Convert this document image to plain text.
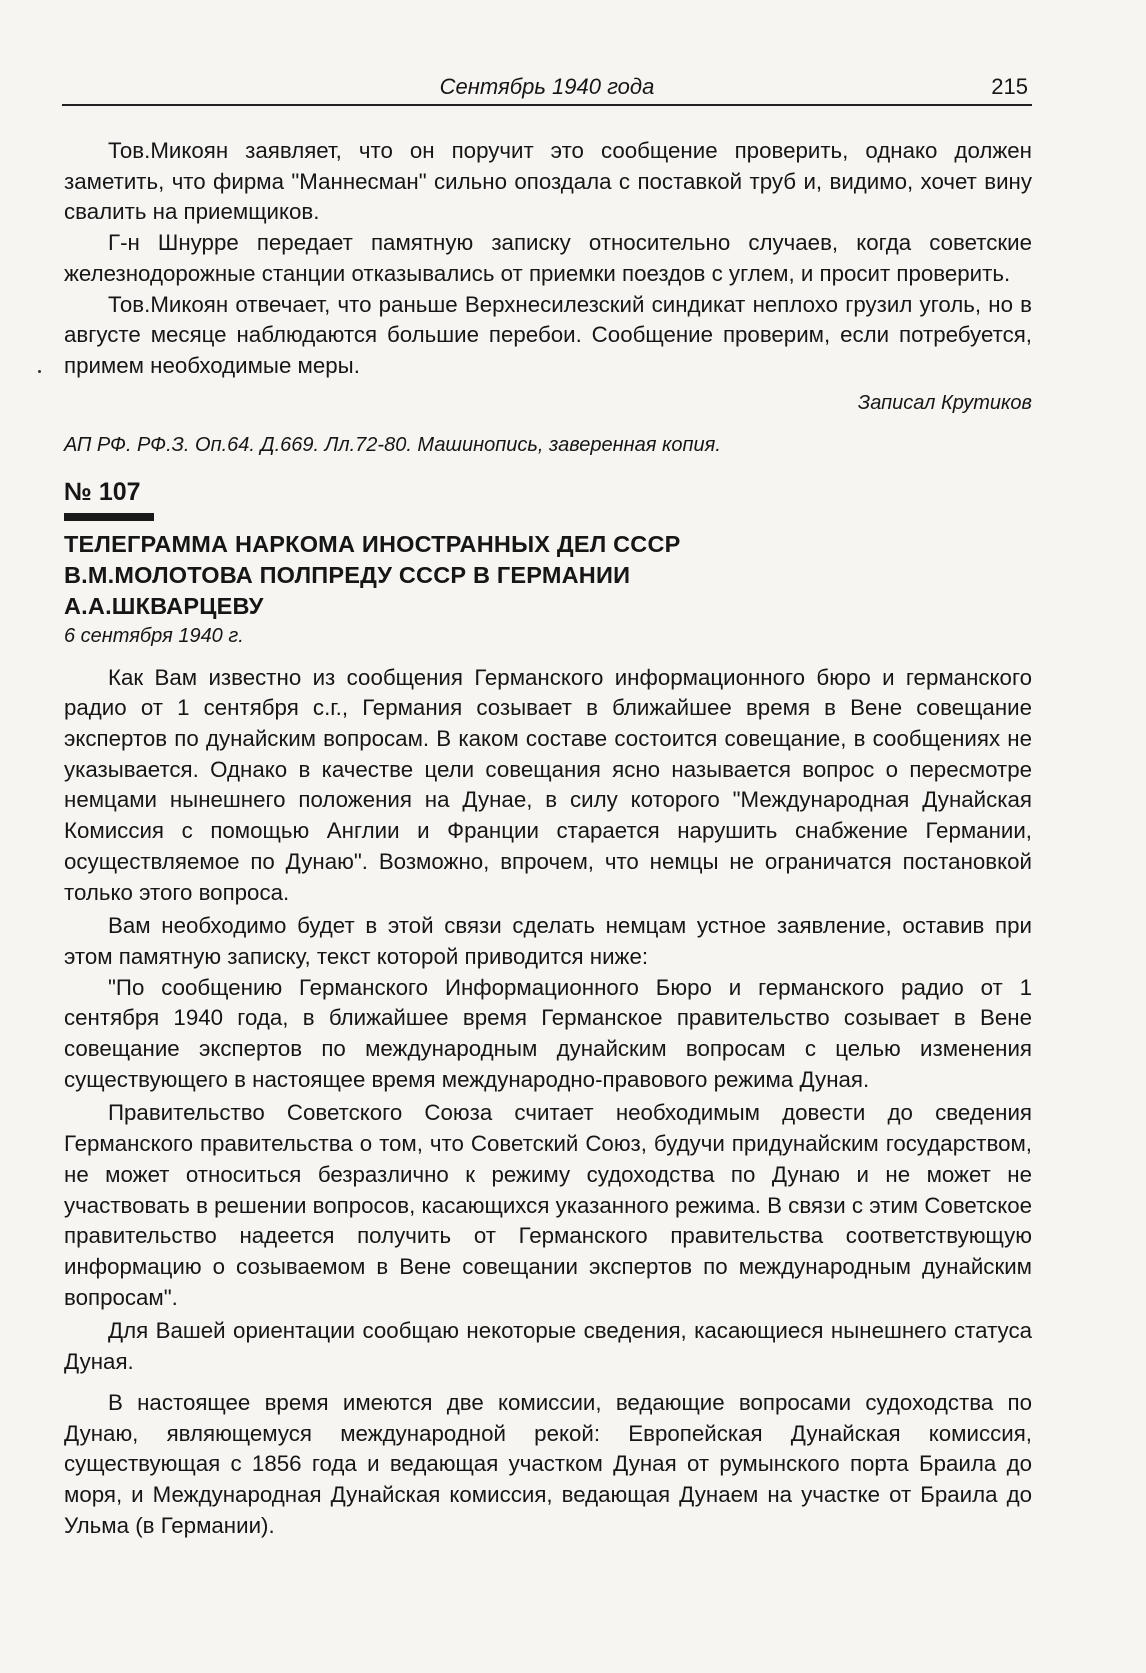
Сентябрь 1940 года	215

Тов.Микоян заявляет, что он поручит это сообщение проверить, однако должен заметить, что фирма "Маннесман" сильно опоздала с поставкой труб и, видимо, хочет вину свалить на приемщиков.

Г-н Шнурре передает памятную записку относительно случаев, когда советские железнодорожные станции отказывались от приемки поездов с углем, и просит проверить.

Тов.Микоян отвечает, что раньше Верхнесилезский синдикат неплохо грузил уголь, но в августе месяце наблюдаются большие перебои. Сообщение проверим, если потребуется, примем необходимые меры.

Записал Крутиков
АП РФ. РФ.З. Оп.64. Д.669. Лл.72-80. Машинопись, заверенная копия.
№ 107
ТЕЛЕГРАММА НАРКОМА ИНОСТРАННЫХ ДЕЛ СССР
В.М.МОЛОТОВА ПОЛПРЕДУ СССР В ГЕРМАНИИ
А.А.ШКВАРЦЕВУ
6 сентября 1940 г.

Как Вам известно из сообщения Германского информационного бюро и германского радио от 1 сентября с.г., Германия созывает в ближайшее время в Вене совещание экспертов по дунайским вопросам. В каком составе состоится совещание, в сообщениях не указывается. Однако в качестве цели совещания ясно называется вопрос о пересмотре немцами нынешнего положения на Дунае, в силу которого "Международная Дунайская Комиссия с помощью Англии и Франции старается нарушить снабжение Германии, осуществляемое по Дунаю". Возможно, впрочем, что немцы не ограничатся постановкой только этого вопроса.

Вам необходимо будет в этой связи сделать немцам устное заявление, оставив при этом памятную записку, текст которой приводится ниже:

"По сообщению Германского Информационного Бюро и германского радио от 1 сентября 1940 года, в ближайшее время Германское правительство созывает в Вене совещание экспертов по международным дунайским вопросам с целью изменения существующего в настоящее время международно-правового режима Дуная.

Правительство Советского Союза считает необходимым довести до сведения Германского правительства о том, что Советский Союз, будучи придунайским государством, не может относиться безразлично к режиму судоходства по Дунаю и не может не участвовать в решении вопросов, касающихся указанного режима. В связи с этим Советское правительство надеется получить от Германского правительства соответствующую информацию о созываемом в Вене совещании экспертов по международным дунайским вопросам".

Для Вашей ориентации сообщаю некоторые сведения, касающиеся нынешнего статуса Дуная.

В настоящее время имеются две комиссии, ведающие вопросами судоходства по Дунаю, являющемуся международной рекой: Европейская Дунайская комиссия, существующая с 1856 года и ведающая участком Дуная от румынского порта Браила до моря, и Международная Дунайская комиссия, ведающая Дунаем на участке от Браила до Ульма (в Германии).
